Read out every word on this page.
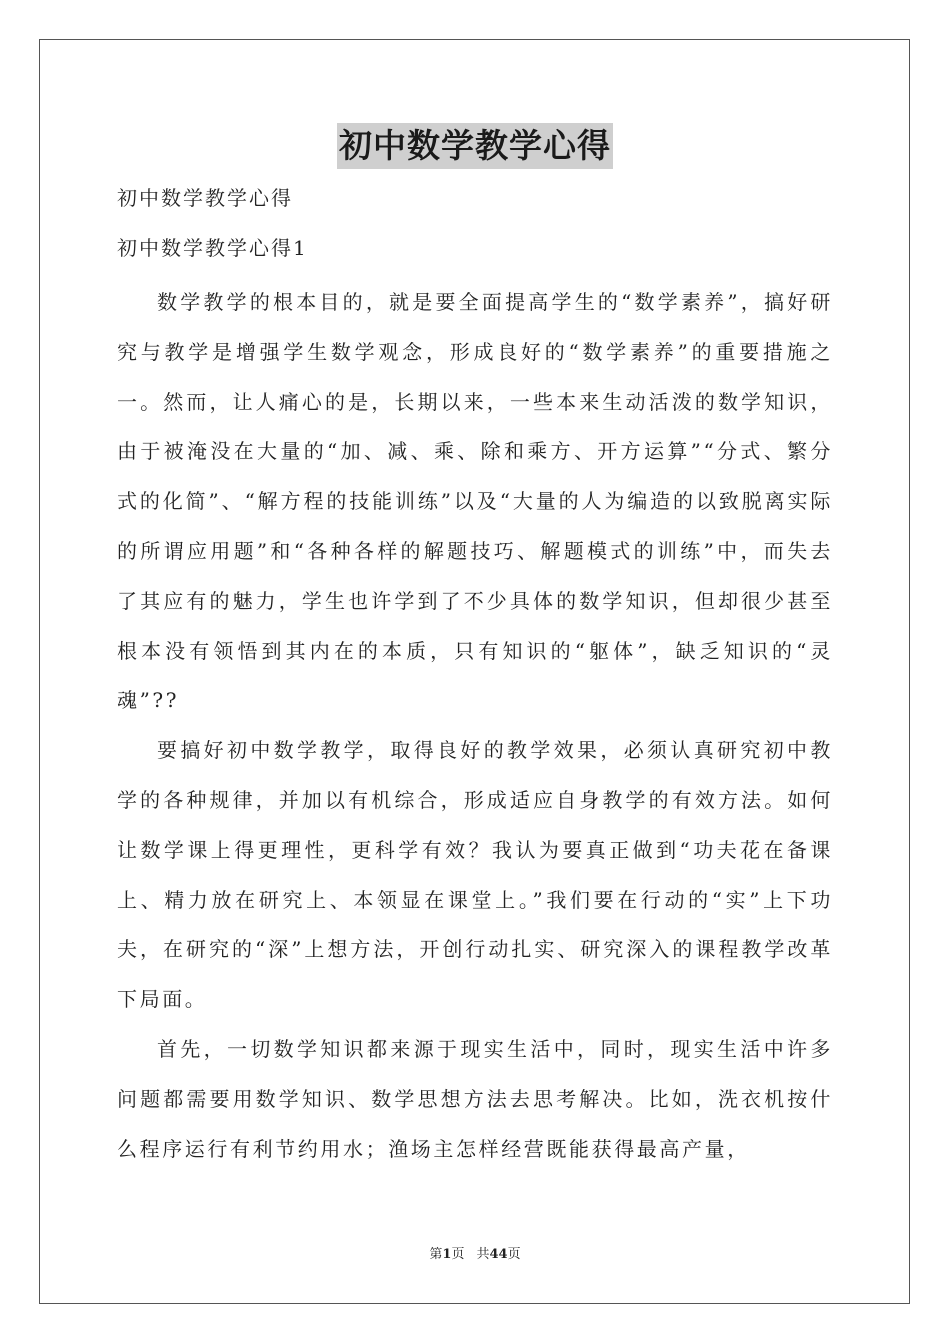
初中数学教学心得

初中数学教学心得

初中数学教学心得1

数学教学的根本目的，就是要全面提高学生的“数学素养”，搞好研究与教学是增强学生数学观念，形成良好的“数学素养”的重要措施之一。然而，让人痛心的是，长期以来，一些本来生动活泼的数学知识，由于被淹没在大量的“加、减、乘、除和乘方、开方运算”“分式、繁分式的化简”、“解方程的技能训练”以及“大量的人为编造的以致脱离实际的所谓应用题”和“各种各样的解题技巧、解题模式的训练”中，而失去了其应有的魅力，学生也许学到了不少具体的数学知识，但却很少甚至根本没有领悟到其内在的本质，只有知识的“躯体”，缺乏知识的“灵魂”??

要搞好初中数学教学，取得良好的教学效果，必须认真研究初中教学的各种规律，并加以有机综合，形成适应自身教学的有效方法。如何让数学课上得更理性，更科学有效？我认为要真正做到“功夫花在备课上、精力放在研究上、本领显在课堂上。”我们要在行动的“实”上下功夫，在研究的“深”上想方法，开创行动扎实、研究深入的课程教学改革下局面。

首先，一切数学知识都来源于现实生活中，同时，现实生活中许多问题都需要用数学知识、数学思想方法去思考解决。比如，洗衣机按什么程序运行有利节约用水；渔场主怎样经营既能获得最高产量，

第1页 共44页
